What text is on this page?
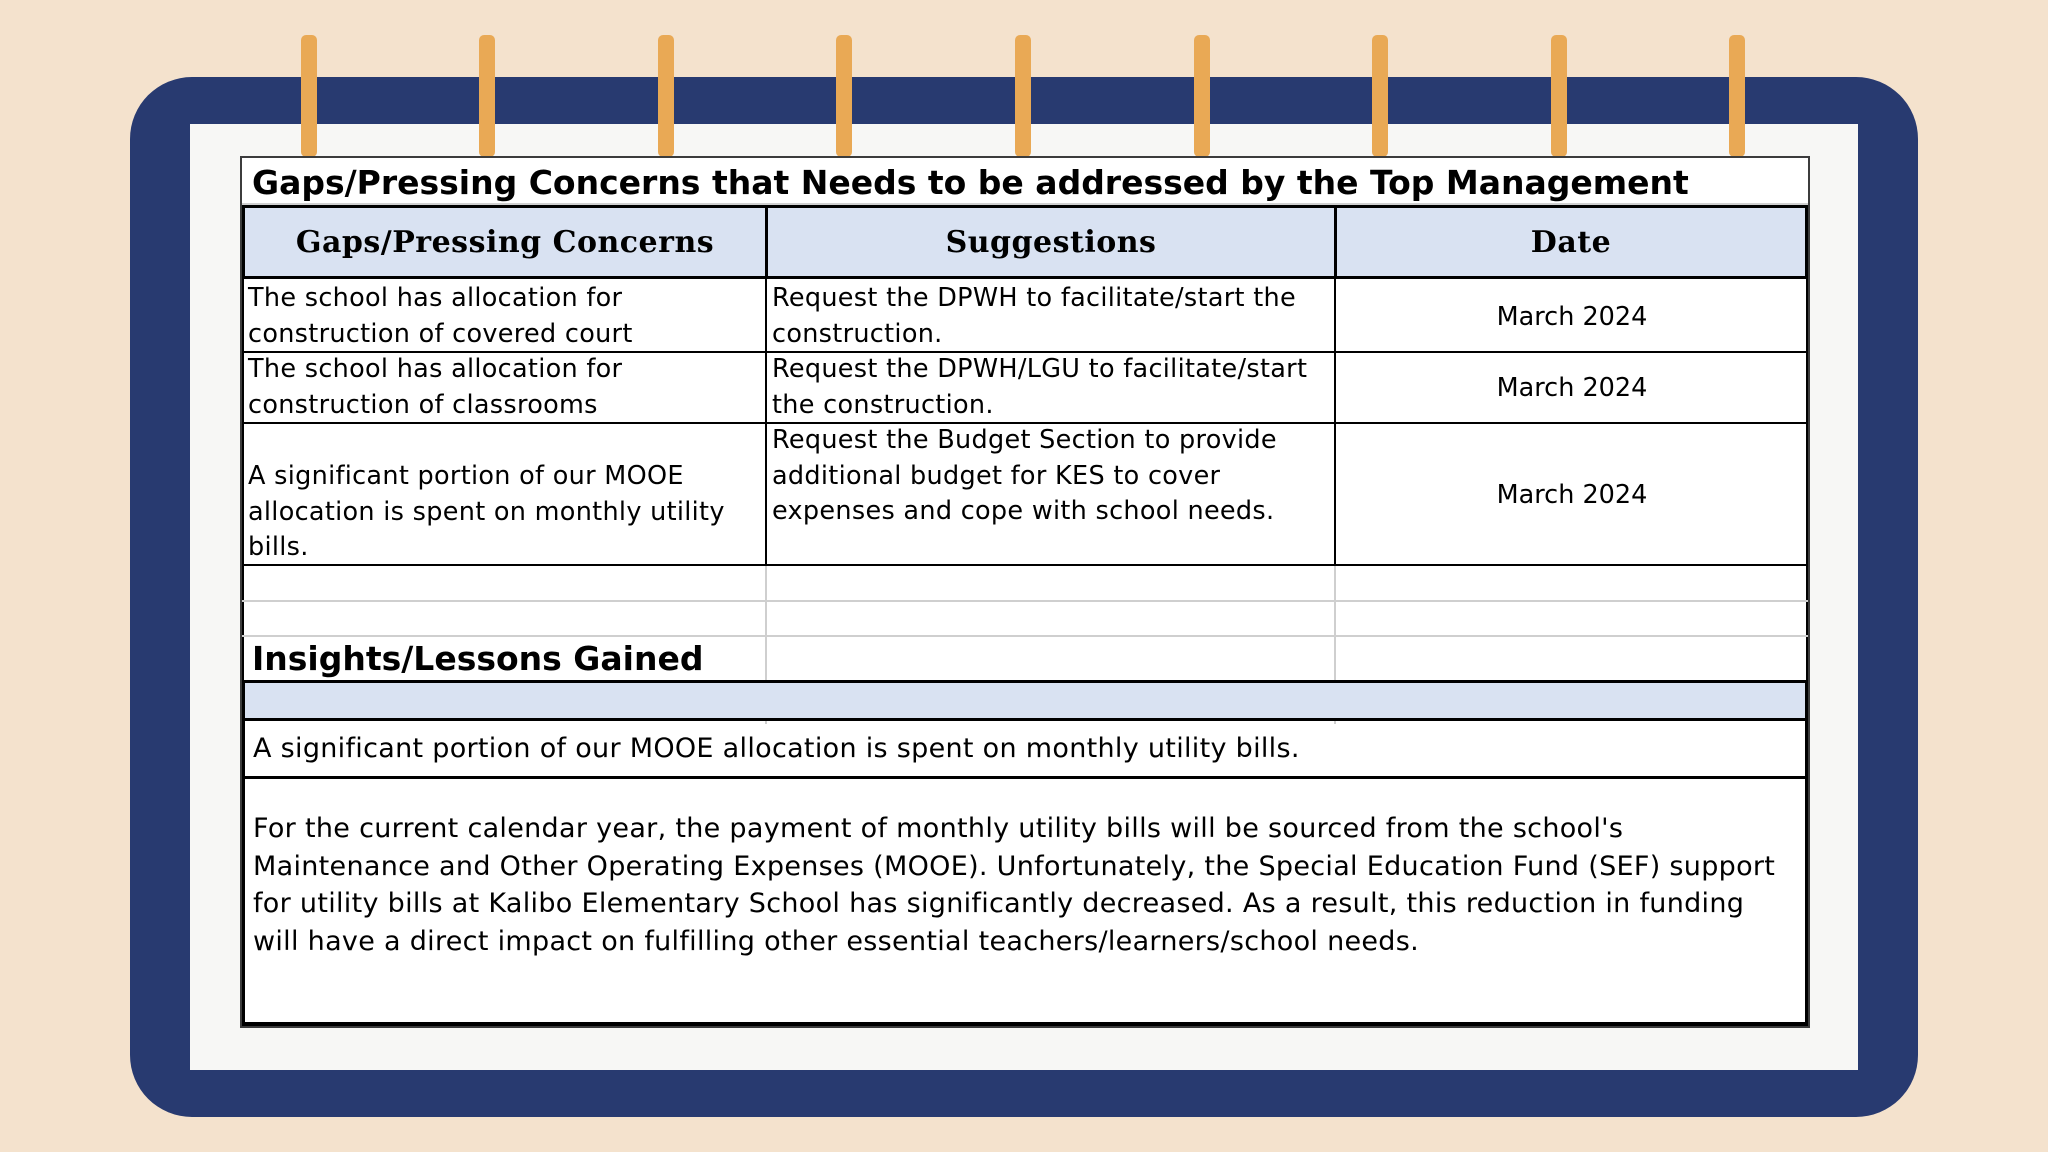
Gaps/Pressing Concerns that Needs to be addressed by the Top Management
Gaps/Pressing Concerns	Suggestions	Date
The school has allocation for construction of covered court
Request the DPWH to facilitate/start the construction.
March 2024
The school has allocation for construction of classrooms
Request the DPWH/LGU to facilitate/start the construction.
March 2024
A significant portion of our MOOE allocation is spent on monthly utility bills.
Request the Budget Section to provide additional budget for KES to cover expenses and cope with school needs.
March 2024
Insights/Lessons Gained
A significant portion of our MOOE allocation is spent on monthly utility bills.
For the current calendar year, the payment of monthly utility bills will be sourced from the school's Maintenance and Other Operating Expenses (MOOE). Unfortunately, the Special Education Fund (SEF) support for utility bills at Kalibo Elementary School has significantly decreased. As a result, this reduction in funding will have a direct impact on fulfilling other essential teachers/learners/school needs.
